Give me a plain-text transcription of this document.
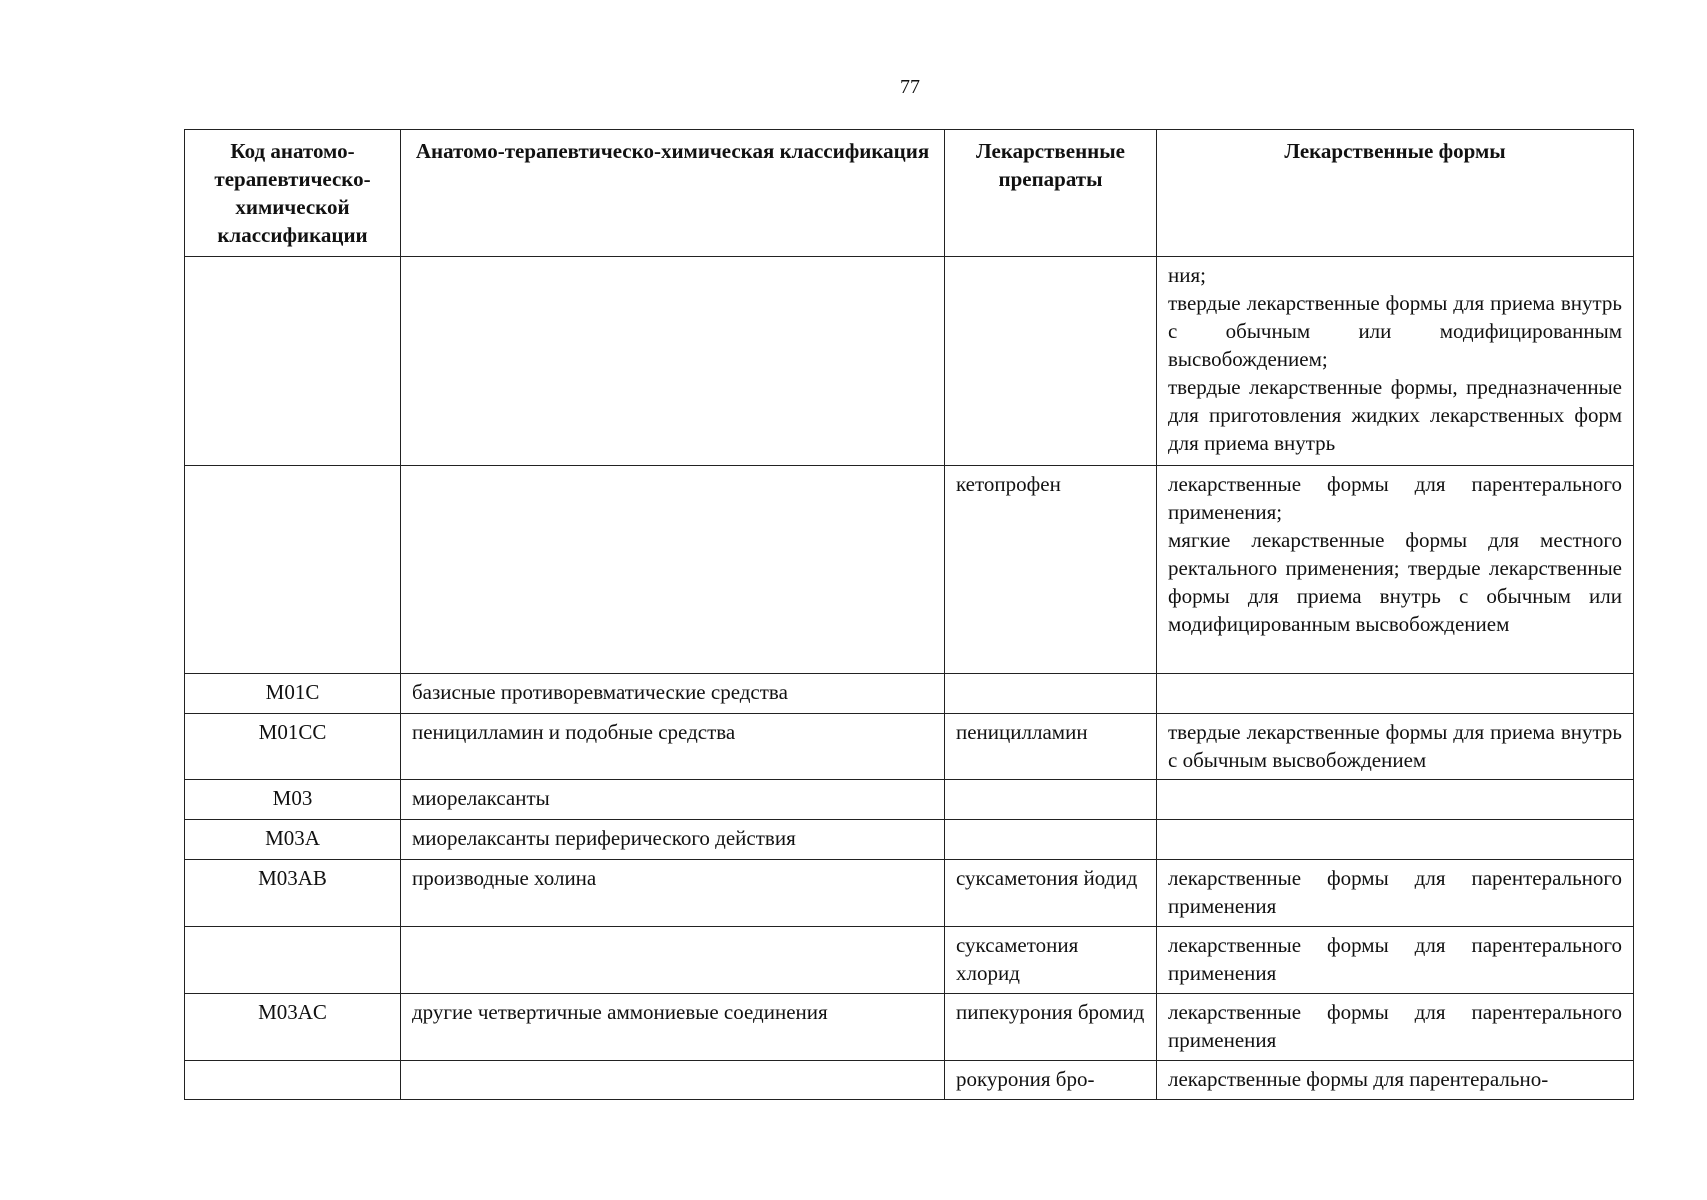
77
Код анатомо-терапевтическо-химической классификации	Анатомо-терапевтическо-химическая классификация	Лекарственные препараты	Лекарственные формы
			ния;
твердые лекарственные формы для приема внутрь с обычным или модифицированным высвобождением;
твердые лекарственные формы, предназначенные для приготовления жидких лекарственных форм для приема внутрь
		кетопрофен	лекарственные формы для парентерального применения;
мягкие лекарственные формы для местного ректального применения; твердые лекарственные формы для приема внутрь с обычным или модифицированным высвобождением
M01C	базисные противоревматические средства		
M01CC	пеницилламин и подобные средства	пеницилламин	твердые лекарственные формы для приема внутрь с обычным высвобождением
M03	миорелаксанты		
M03A	миорелаксанты периферического действия		
M03AB	производные холина	суксаметония йодид	лекарственные формы для парентерального применения
		суксаметония хлорид	лекарственные формы для парентерального применения
M03AC	другие четвертичные аммониевые соединения	пипекурония бромид	лекарственные формы для парентерального применения
		рокурония бро-	лекарственные формы для парентерально-
